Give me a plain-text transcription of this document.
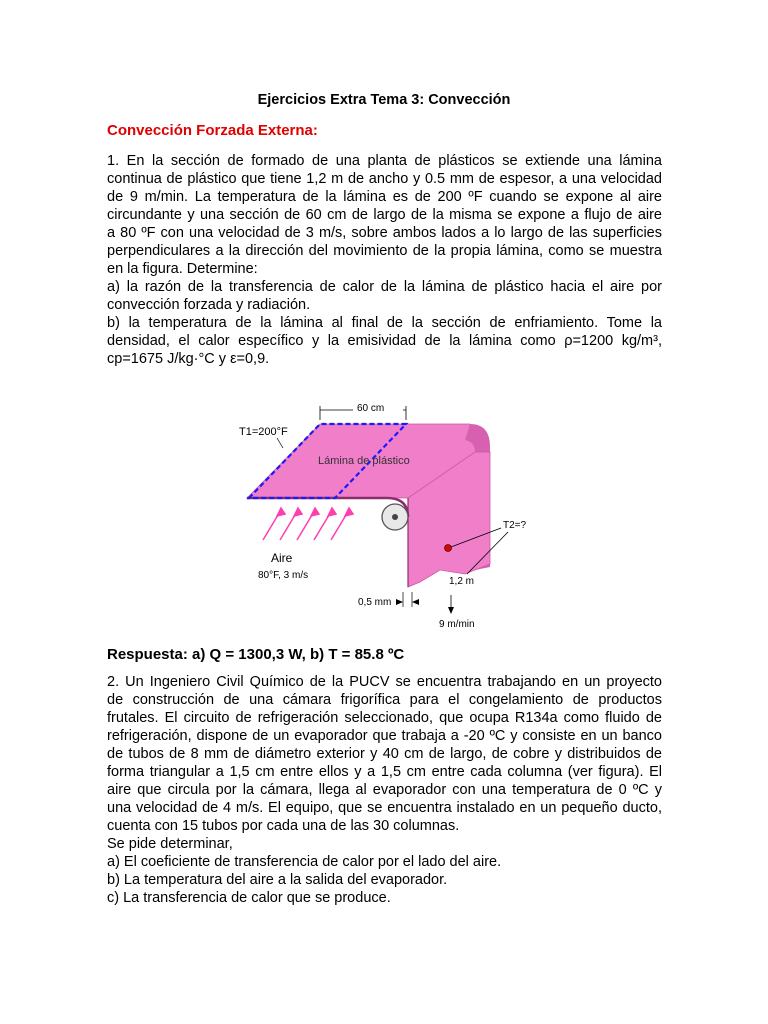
Ejercicios Extra Tema 3: Convección
Convección Forzada Externa:
1. En la sección de formado de una planta de plásticos se extiende una lámina
continua de plástico que tiene 1,2 m de ancho y 0.5 mm de espesor, a una velocidad
de 9 m/min. La temperatura de la lámina es de 200 ºF cuando se expone al aire
circundante y una sección de 60 cm de largo de la misma se expone a flujo de aire
a 80 ºF con una velocidad de 3 m/s, sobre ambos lados a lo largo de las superficies
perpendiculares a la dirección del movimiento de la propia lámina, como se muestra
en la figura. Determine:
a) la razón de la transferencia de calor de la lámina de plástico hacia el aire por
convección forzada y radiación.
b) la temperatura de la lámina al final de la sección de enfriamiento. Tome la
densidad, el calor específico y la emisividad de la lámina como ρ=1200 kg/m³,
cp=1675 J/kg·°C y ε=0,9.
Lámina de plástico
60 cm
T1=200°F
Aire
80°F, 3 m/s
T2=?
1,2 m
0,5 mm
9 m/min
Respuesta: a) Q = 1300,3 W, b) T = 85.8 ºC
2. Un Ingeniero Civil Químico de la PUCV se encuentra trabajando en un proyecto
de construcción de una cámara frigorífica para el congelamiento de productos
frutales. El circuito de refrigeración seleccionado, que ocupa R134a como fluido de
refrigeración, dispone de un evaporador que trabaja a -20 ºC y consiste en un banco
de tubos de 8 mm de diámetro exterior y 40 cm de largo, de cobre y distribuidos de
forma triangular a 1,5 cm entre ellos y a 1,5 cm entre cada columna (ver figura). El
aire que circula por la cámara, llega al evaporador con una temperatura de 0 ºC y
una velocidad de 4 m/s. El equipo, que se encuentra instalado en un pequeño ducto,
cuenta con 15 tubos por cada una de las 30 columnas.
Se pide determinar,
a) El coeficiente de transferencia de calor por el lado del aire.
b) La temperatura del aire a la salida del evaporador.
c) La transferencia de calor que se produce.
